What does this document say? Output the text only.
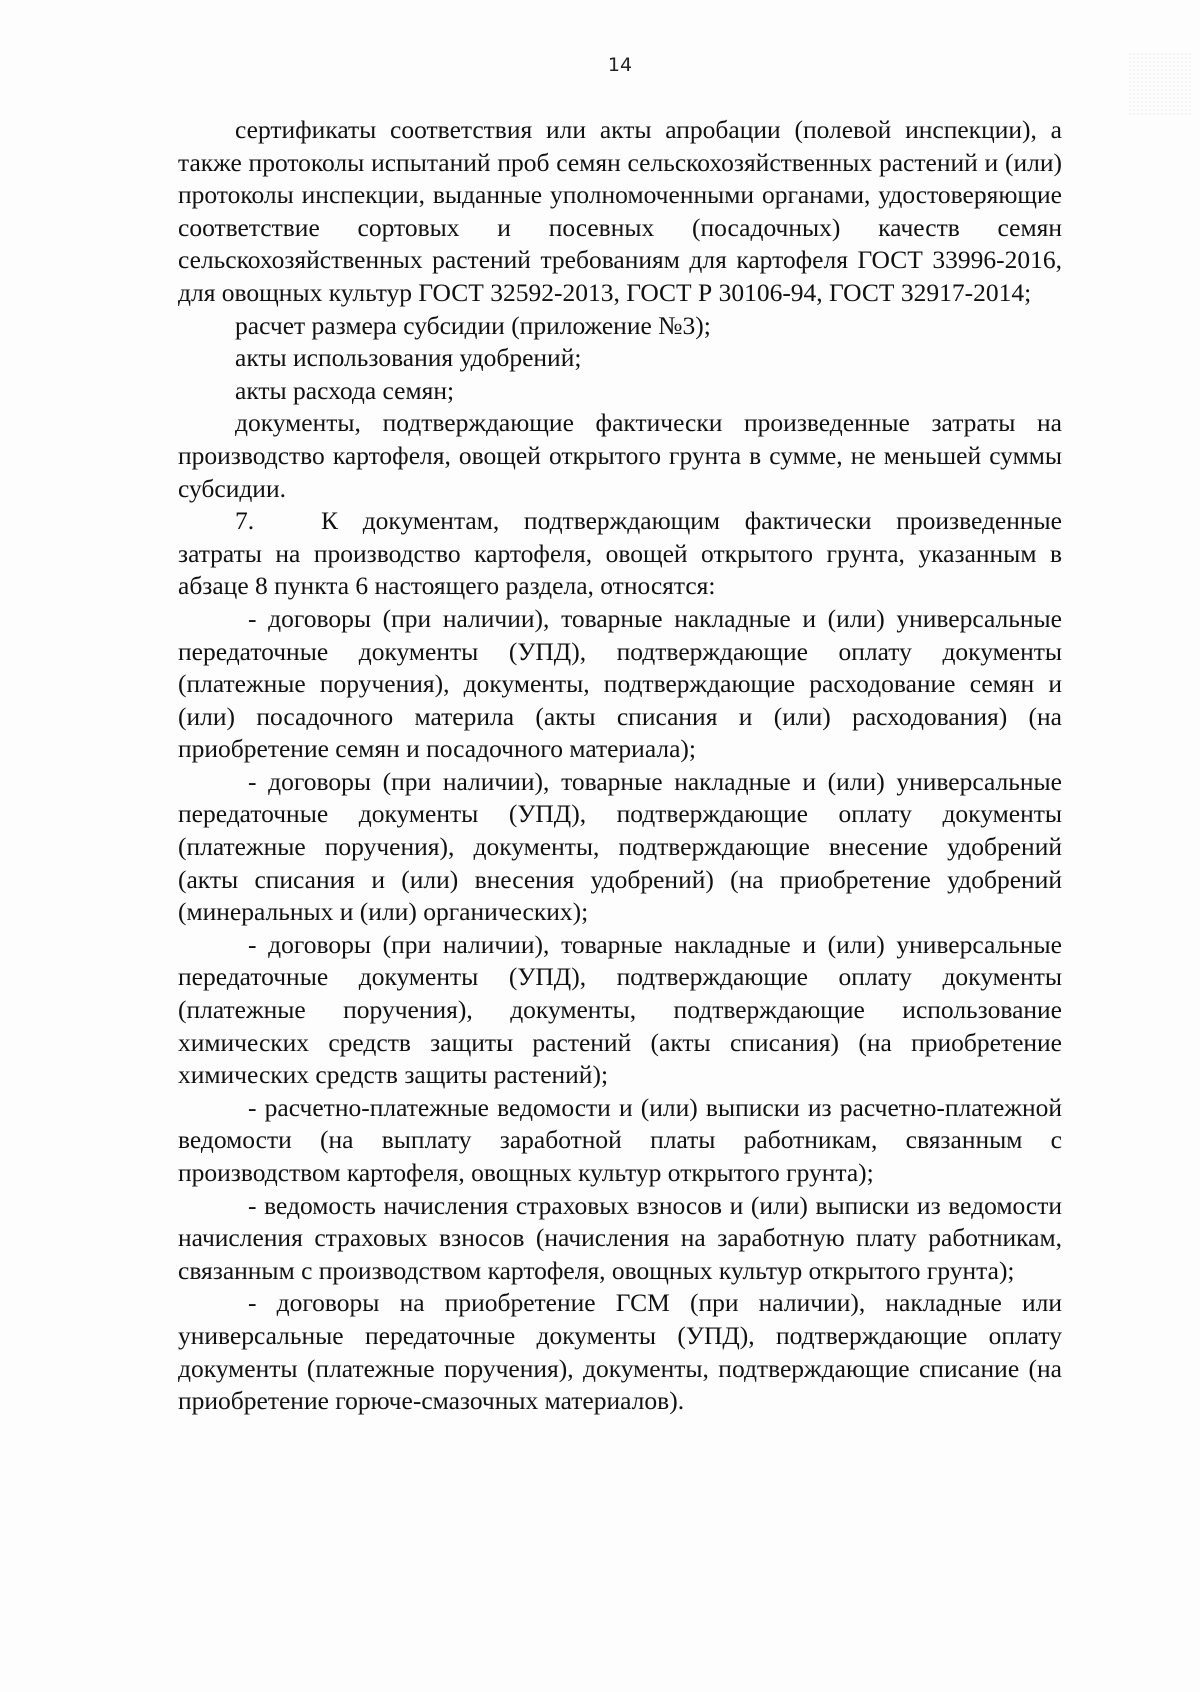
14

сертификаты соответствия или акты апробации (полевой инспекции), а также протоколы испытаний проб семян сельскохозяйственных растений и (или) протоколы инспекции, выданные уполномоченными органами, удостоверяющие соответствие сортовых и посевных (посадочных) качеств семян сельскохозяйственных растений требованиям для картофеля ГОСТ 33996-2016, для овощных культур ГОСТ 32592-2013, ГОСТ Р 30106-94, ГОСТ 32917-2014;

расчет размера субсидии (приложение №3);

акты использования удобрений;

акты расхода семян;

документы, подтверждающие фактически произведенные затраты на производство картофеля, овощей открытого грунта в сумме, не меньшей суммы субсидии.

7.	К документам, подтверждающим фактически произведенные затраты на производство картофеля, овощей открытого грунта, указанным в абзаце 8 пункта 6 настоящего раздела, относятся:

- договоры (при наличии), товарные накладные и (или) универсальные передаточные документы (УПД), подтверждающие оплату документы (платежные поручения), документы, подтверждающие расходование семян и (или) посадочного материла (акты списания и (или) расходования) (на приобретение семян и посадочного материала);

- договоры (при наличии), товарные накладные и (или) универсальные передаточные документы (УПД), подтверждающие оплату документы (платежные поручения), документы, подтверждающие внесение удобрений (акты списания и (или) внесения удобрений) (на приобретение удобрений (минеральных и (или) органических);

- договоры (при наличии), товарные накладные и (или) универсальные передаточные документы (УПД), подтверждающие оплату документы (платежные поручения), документы, подтверждающие использование химических средств защиты растений (акты списания) (на приобретение химических средств защиты растений);

- расчетно-платежные ведомости и (или) выписки из расчетно-платежной ведомости (на выплату заработной платы работникам, связанным с производством картофеля, овощных культур открытого грунта);

- ведомость начисления страховых взносов и (или) выписки из ведомости начисления страховых взносов (начисления на заработную плату работникам, связанным с производством картофеля, овощных культур открытого грунта);

- договоры на приобретение ГСМ (при наличии), накладные или универсальные передаточные документы (УПД), подтверждающие оплату документы (платежные поручения), документы, подтверждающие списание (на приобретение горюче-смазочных материалов).
